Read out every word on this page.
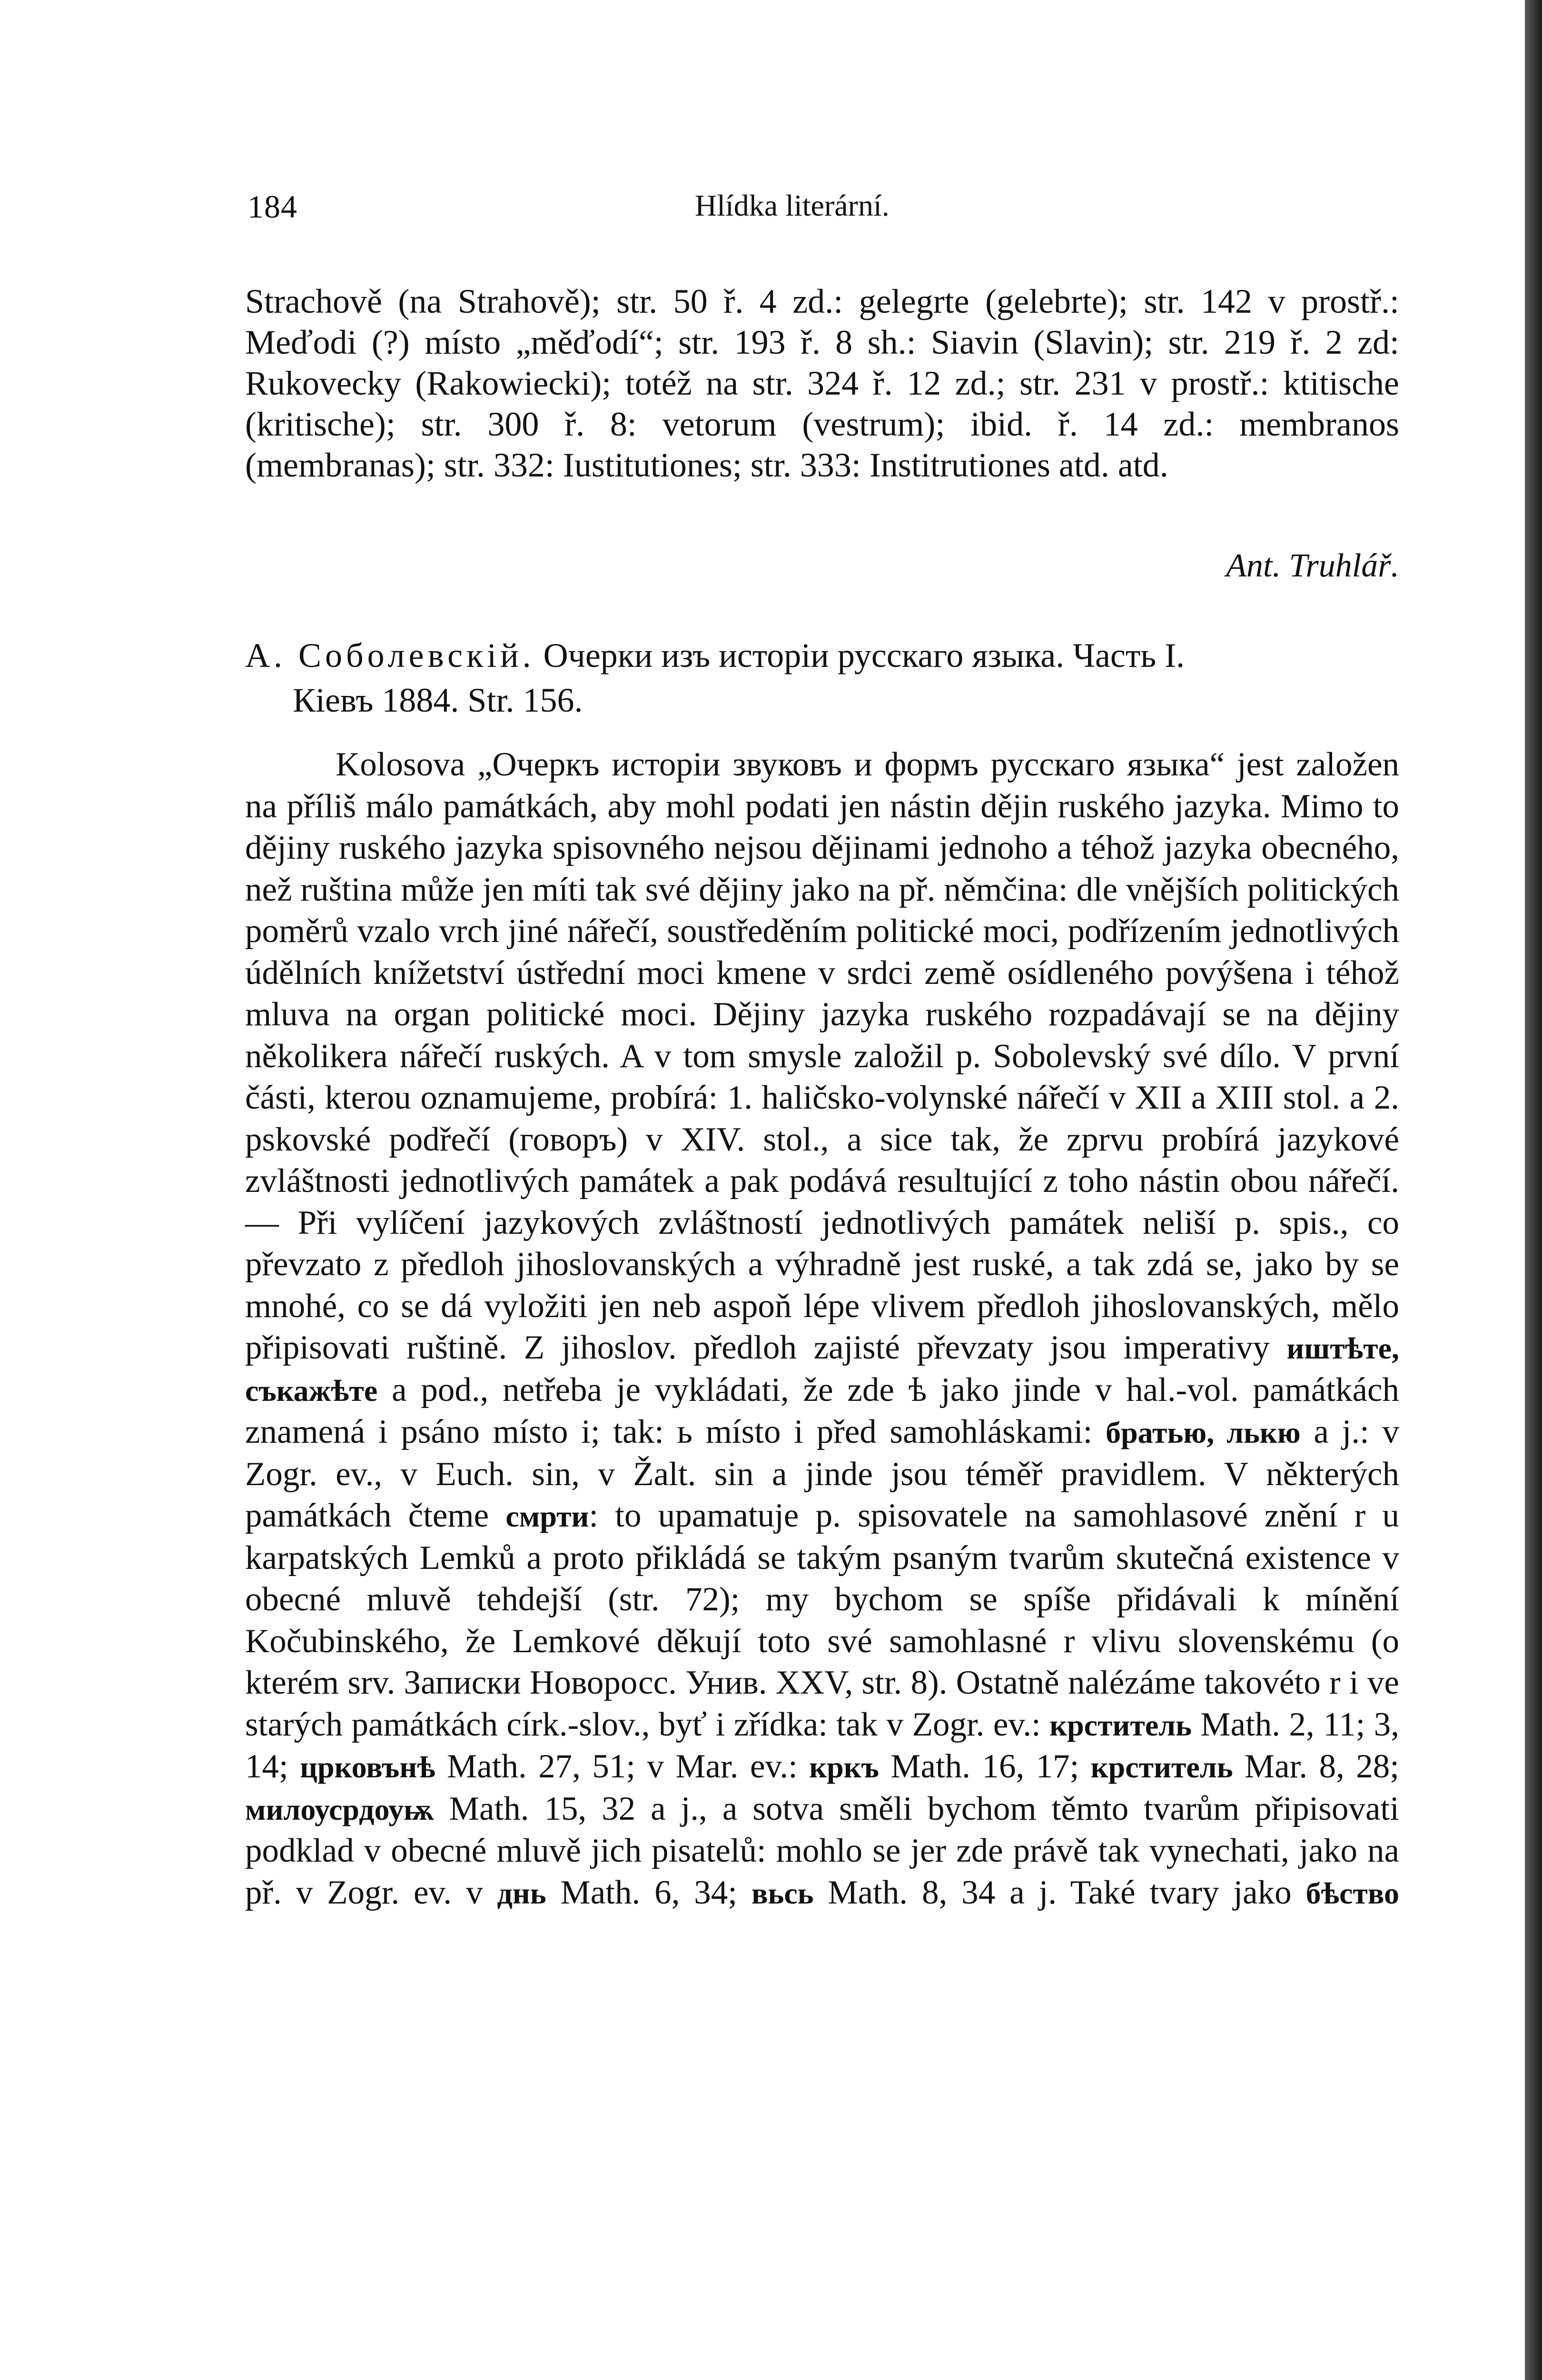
184	Hlídka literární.

Strachově (na Strahově); str. 50 ř. 4 zd.: gelegrte (gelebrte); str. 142 v prostř.: Meďodi (?) místo „měďodí“; str. 193 ř. 8 sh.: Siavin (Slavin); str. 219 ř. 2 zd: Rukovecky (Rakowiecki); totéž na str. 324 ř. 12 zd.; str. 231 v prostř.: ktitische (kritische); str. 300 ř. 8: vetorum (vestrum); ibid. ř. 14 zd.: membranos (membranas); str. 332: Iustitutiones; str. 333: Institrutiones atd. atd.

Ant. Truhlář.
А. Соболевскій. Очерки изъ исторіи русскаго языка. Часть I.
Кіевъ 1884. Str. 156.

Kolosova „Очеркъ исторіи звуковъ и формъ русскаго языка“ jest založen na příliš málo památkách, aby mohl podati jen nástin dějin ruského jazyka. Mimo to dějiny ruského jazyka spisovného nejsou dějinami jednoho a téhož jazyka obecného, než ruština může jen míti tak své dějiny jako na př. němčina: dle vnějších politických poměrů vzalo vrch jiné nářečí, soustředěním politické moci, podřízením jednotlivých údělních knížetství ústřední moci kmene v srdci země osídleného povýšena i téhož mluva na organ politické moci. Dějiny jazyka ruského rozpadávají se na dějiny několikera nářečí ruských. A v tom smysle založil p. Sobolevský své dílo. V první části, kterou oznamujeme, probírá: 1. haličsko-volynské nářečí v XII a XIII stol. a 2. pskovské podřečí (говоръ) v XIV. stol., a sice tak, že zprvu probírá jazykové zvláštnosti jednotlivých památek a pak podává resultující z toho nástin obou nářečí. — Při vylíčení jazykových zvláštností jednotlivých památek neliší p. spis., co převzato z předloh jihoslovanských a výhradně jest ruské, a tak zdá se, jako by se mnohé, co se dá vyložiti jen neb aspoň lépe vlivem předloh jihoslovanských, mělo připisovati ruštině. Z jihoslov. předloh zajisté převzaty jsou imperativy иштѣте, съкажѣте a pod., netřeba je vykládati, že zde ѣ jako jinde v hal.-vol. památkách znamená i psáno místo i; tak: ь místo i před samohláskami: братью, лькю a j.: v Zogr. ev., v Euch. sin, v Žalt. sin a jinde jsou téměř pravidlem. V některých památkách čteme смрти: to upamatuje p. spisovatele na samohlasové znění r u karpatských Lemků a proto přikládá se takým psaným tvarům skutečná existence v obecné mluvě tehdejší (str. 72); my bychom se spíše přidávali k mínění Kočubinského, že Lemkové děkují toto své samohlasné r vlivu slovenskému (o kterém srv. Записки Новоросс. Унив. XXV, str. 8). Ostatně nalézáme takovéto r i ve starých památkách círk.-slov., byť i zřídka: tak v Zogr. ev.: крститель Math. 2, 11; 3, 14; црковънѣ Math. 27, 51; v Mar. ev.: кркъ Math. 16, 17; крститель Mar. 8, 28; милоусрдоуѭ Math. 15, 32 a j., a sotva směli bychom těmto tvarům připisovati podklad v obecné mluvě jich pisatelů: mohlo se jer zde právě tak vynechati, jako na př. v Zogr. ev. v днь Math. 6, 34; вьсь Math. 8, 34 a j. Také tvary jako бѣство
